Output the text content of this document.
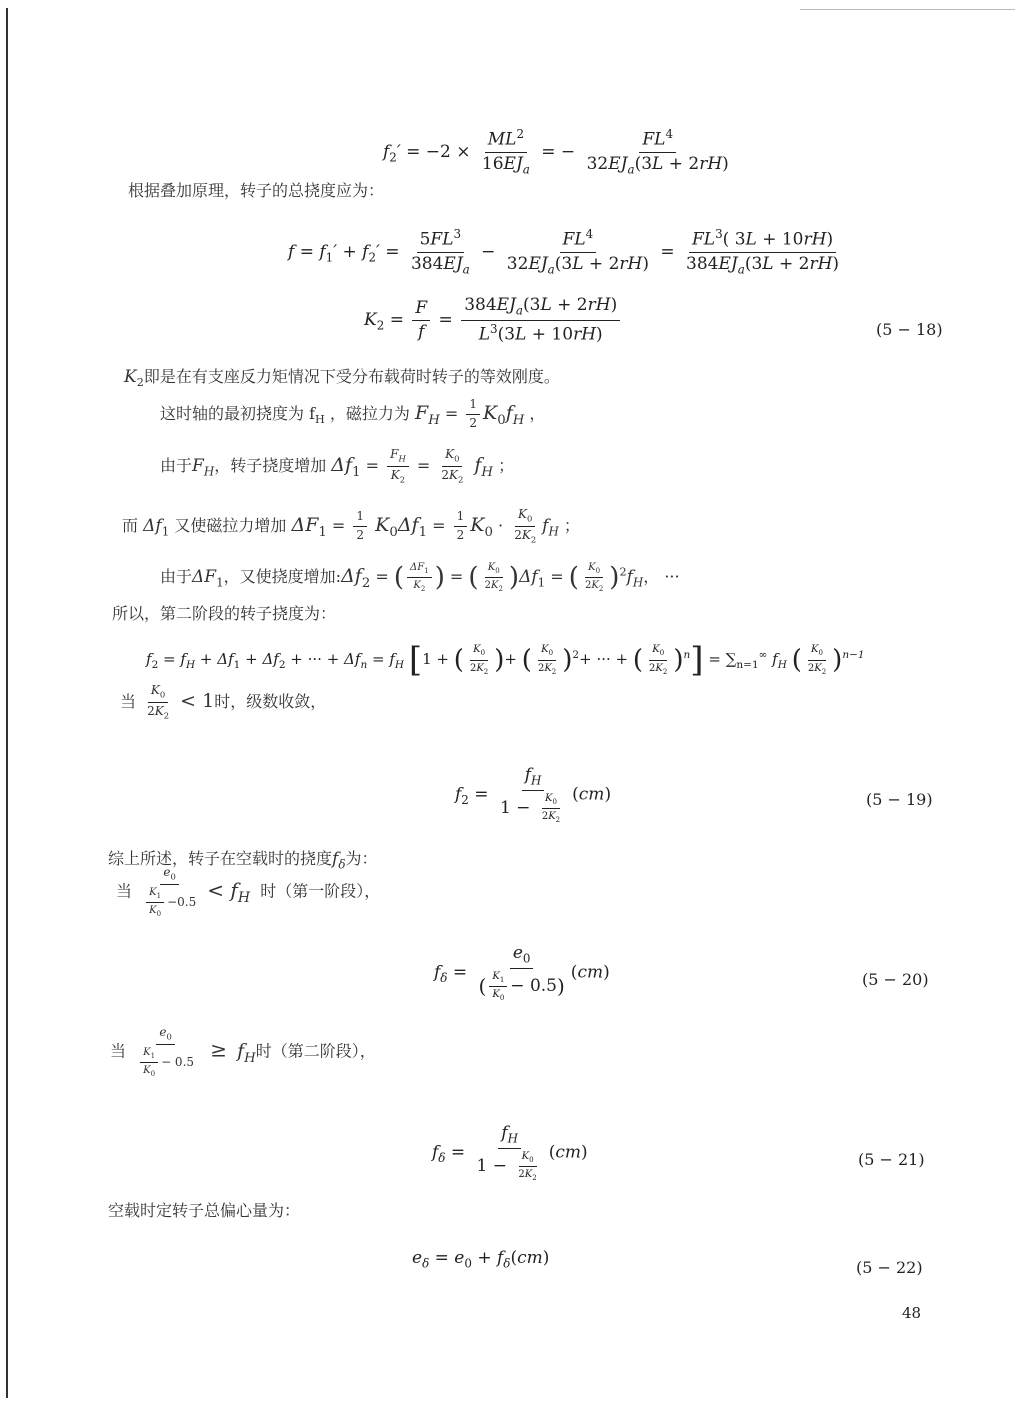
$f_2' = -2 \times \frac{ML^2}{16EJ_a}$ = − $\frac{FL^4}{32EJ_a(3L + 2rH)}$
根据叠加原理，转子的总挠度应为：
$f = f_1' + f_2' = \frac{5FL^3}{384EJ_a} - \frac{FL^4}{32EJ_a(3L + 2rH)} = \frac{FL^3( 3L + 10rH)}{384EJ_a(3L + 2rH)}$
$K_2 = \frac{F}{f} = \frac{384EJ_a(3L + 2rH)}{L^3(3L + 10rH)}$	(5 − 18)
$K_2$即是在有支座反力矩情况下受分布载荷时转子的等效刚度。
这时轴的最初挠度为 $f_H$ ，磁拉力为 $F_H = \frac{1}{2} K_0f_H$ ，
由于$F_H$，转子挠度增加 $\Delta f_1 = \frac{F_H}{K_2} = \frac{K_0}{2K_2} f_H$ ；
而 $\Delta f_1$ 又使磁拉力增加 $\Delta F_1 = \frac{1}{2} K_0\Delta f_1 = \frac{1}{2} K_0 \cdot \frac{K_0}{2K_2} f_H$ ；
由于$\Delta F_1$，又使挠度增加$:\Delta f_2$ = ( $\frac{\Delta F_1}{K_2}$ ) = ( $\frac{K_0}{2K_2} )\Delta f_1$ = ( $\frac{K_0}{2K_2} )^2f_H$， ···
所以，第二阶段的转子挠度为：
$f_2 = f_H + \Delta f_1 + \Delta f_2$ + ··· + $\Delta f_n = f_H$ [1 + ( $\frac{K_0}{2K_2}$ )+ ( $\frac{K_0}{2K_2} )^2+$ ··· + ( $\frac{K_0}{2K_2} )^n] = \sum_{n=1}^\infty$ $f_H$ ( $\frac{K_0}{2K_2} )^{n-1}$
当 $\frac{K_0}{2K_2} < 1$时，级数收敛，
$f_2 = \frac{f_H}{1 - \frac{K_0}{2K_2}} (cm)$	(5 − 19)
综上所述，转子在空载时的挠度$f_\delta$为：
当 $\frac{e_0}{\frac{K_1}{K_0} -0.5} < f_H$ 时（第一阶段），
$f_\delta = \frac{e_0}{( \frac{K_1}{K_0} - 0.5)} (cm)$	(5 − 20)
当 $\frac{e_0}{\frac{K_1}{K_0} - 0.5} \ge f_H$时（第二阶段），
$f_\delta = \frac{f_H}{1 - \frac{K_0}{2K_2}} (cm)$	(5 − 21)
空载时定转子总偏心量为：
$e_\delta = e_0 + f_\delta(cm)$	(5 − 22)
48
